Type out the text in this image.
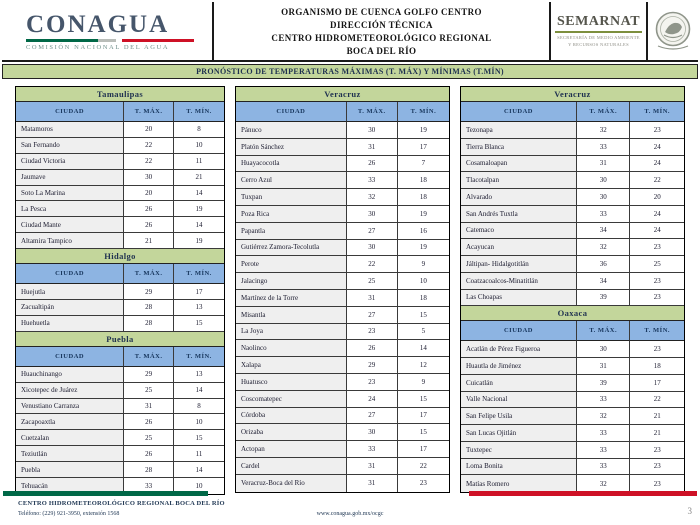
CONAGUA
COMISIÓN NACIONAL DEL AGUA
ORGANISMO DE CUENCA GOLFO CENTRO
DIRECCIÓN TÉCNICA
CENTRO HIDROMETEOROLÓGICO REGIONAL
BOCA DEL RÍO
SEMARNAT
SECRETARÍA DE MEDIO AMBIENTE
Y RECURSOS NATURALES
PRONÓSTICO DE TEMPERATURAS MÁXIMAS (T. MÁX) Y MÍNIMAS (T.MÍN)
Tamaulipas
CIUDAD	T. MÁX.	T. MÍN.
Matamoros	20	8
San Fernando	22	10
Ciudad Victoria	22	11
Jaumave	30	21
Soto La Marina	20	14
La Pesca	26	19
Ciudad Mante	26	14
Altamira Tampico	21	19
Hidalgo
CIUDAD	T. MÁX.	T. MÍN.
Huejutla	29	17
Zacualtipán	28	13
Huehuetla	28	15
Puebla
CIUDAD	T. MÁX.	T. MÍN.
Huauchinango	29	13
Xicotepec de Juárez	25	14
Venustiano Carranza	31	8
Zacapoaxtla	26	10
Cuetzalan	25	15
Teziutlán	26	11
Puebla	28	14
Tehuacán	33	10
Veracruz
CIUDAD	T. MÁX.	T. MÍN.
Pánuco	30	19
Platón Sánchez	31	17
Huayacocotla	26	7
Cerro Azul	33	18
Tuxpan	32	18
Poza Rica	30	19
Papantla	27	16
Gutiérrez Zamora-Tecolutla	30	19
Perote	22	9
Jalacingo	25	10
Martínez de la Torre	31	18
Misantla	27	15
La Joya	23	5
Naolinco	26	14
Xalapa	29	12
Huatusco	23	9
Coscomatepec	24	15
Córdoba	27	17
Orizaba	30	15
Actopan	33	17
Cardel	31	22
Veracruz-Boca del Río	31	23
Veracruz
CIUDAD	T. MÁX.	T. MÍN.
Tezonapa	32	23
Tierra Blanca	33	24
Cosamaloapan	31	24
Tlacotalpan	30	22
Alvarado	30	20
San Andrés Tuxtla	33	24
Catemaco	34	24
Acayucan	32	23
Jáltipan- Hidalgotitlán	36	25
Coatzacoalcos-Minatitlán	34	23
Las Choapas	39	23
Oaxaca
CIUDAD	T. MÁX.	T. MÍN.
Acatlán de Pérez Figueroa	30	23
Huautla de Jiménez	31	18
Cuicatlán	39	17
Valle Nacional	33	22
San Felipe Usila	32	21
San Lucas Ojitlán	33	21
Tuxtepec	33	23
Loma Bonita	33	23
Matías Romero	32	23
CENTRO HIDROMETEOROLÓGICO REGIONAL BOCA DEL RÍO
Teléfono: (229) 921-3950, extensión 1568	www.conagua.gob.mx/ocgc	3
